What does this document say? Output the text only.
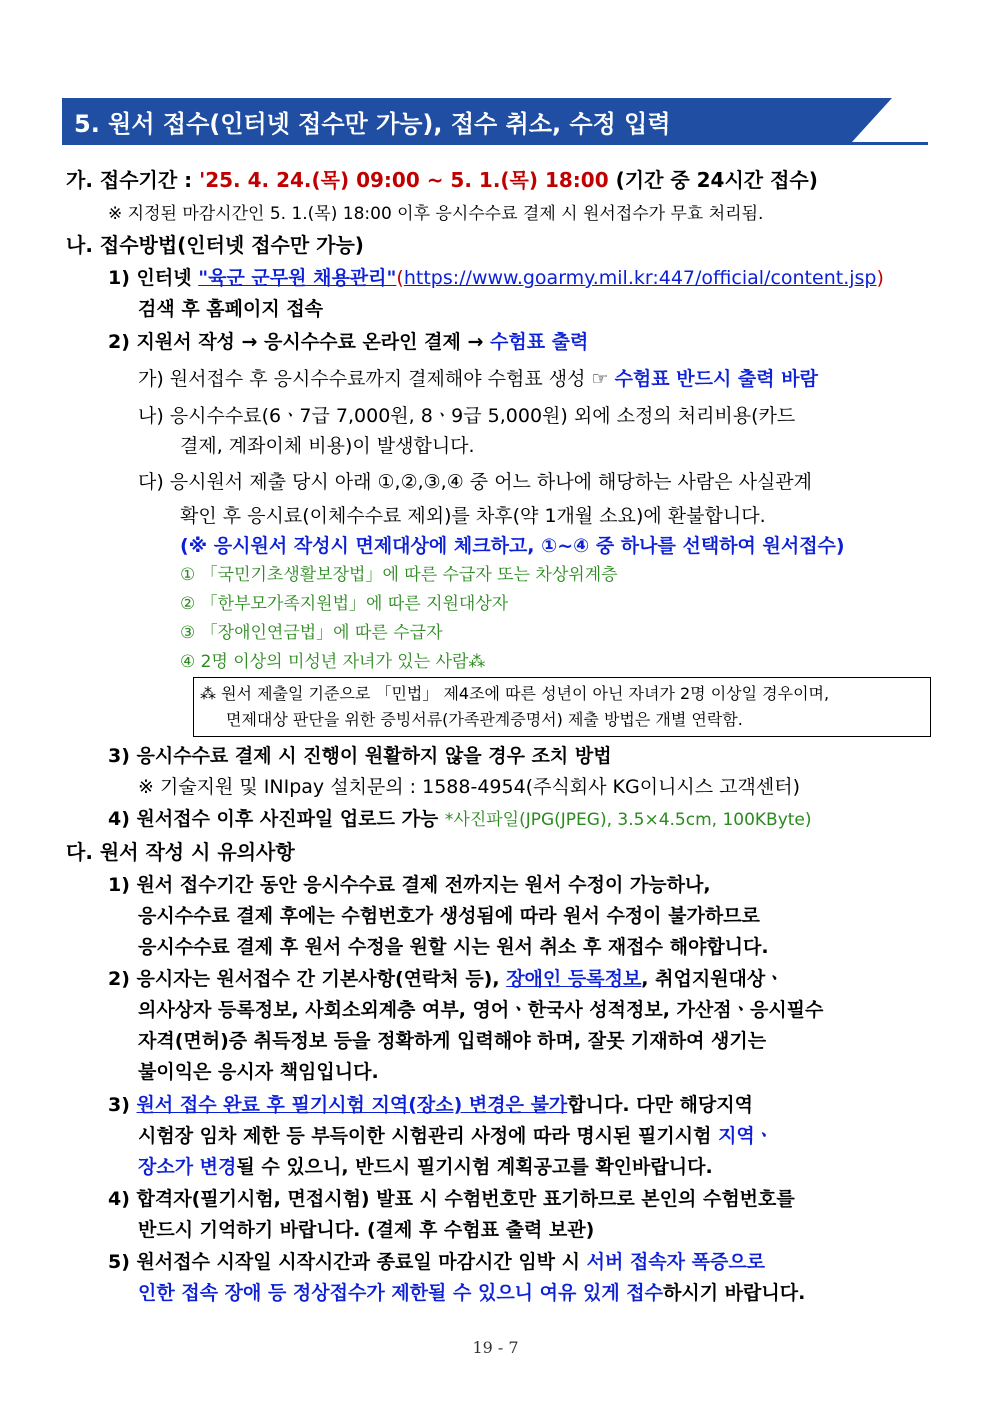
5. 원서 접수(인터넷 접수만 가능), 접수 취소, 수정 입력
가. 접수기간 : '25. 4. 24.(목) 09:00 ~ 5. 1.(목) 18:00 (기간 중 24시간 접수)
※ 지정된 마감시간인 5. 1.(목) 18:00 이후 응시수수료 결제 시 원서접수가 무효 처리됨.
나. 접수방법(인터넷 접수만 가능)
1) 인터넷 "육군 군무원 채용관리"(https://www.goarmy.mil.kr:447/official/content.jsp)
검색 후 홈페이지 접속
2) 지원서 작성 → 응시수수료 온라인 결제 → 수험표 출력
가) 원서접수 후 응시수수료까지 결제해야 수험표 생성 ☞ 수험표 반드시 출력 바람
나) 응시수수료(6ㆍ7급 7,000원, 8ㆍ9급 5,000원) 외에 소정의 처리비용(카드
결제, 계좌이체 비용)이 발생합니다.
다) 응시원서 제출 당시 아래 ①,②,③,④ 중 어느 하나에 해당하는 사람은 사실관계
확인 후 응시료(이체수수료 제외)를 차후(약 1개월 소요)에 환불합니다.
(※ 응시원서 작성시 면제대상에 체크하고, ①~④ 중 하나를 선택하여 원서접수)
① 「국민기초생활보장법」에 따른 수급자 또는 차상위계층
② 「한부모가족지원법」에 따른 지원대상자
③ 「장애인연금법」에 따른 수급자
④ 2명 이상의 미성년 자녀가 있는 사람⁂
⁂ 원서 제출일 기준으로 「민법」 제4조에 따른 성년이 아닌 자녀가 2명 이상일 경우이며,
면제대상 판단을 위한 증빙서류(가족관계증명서) 제출 방법은 개별 연락함.
3) 응시수수료 결제 시 진행이 원활하지 않을 경우 조치 방법
※ 기술지원 및 INIpay 설치문의 : 1588-4954(주식회사 KG이니시스 고객센터)
4) 원서접수 이후 사진파일 업로드 가능 *사진파일(JPG(JPEG), 3.5×4.5cm, 100KByte)
다. 원서 작성 시 유의사항
1) 원서 접수기간 동안 응시수수료 결제 전까지는 원서 수정이 가능하나,
응시수수료 결제 후에는 수험번호가 생성됨에 따라 원서 수정이 불가하므로
응시수수료 결제 후 원서 수정을 원할 시는 원서 취소 후 재접수 해야합니다.
2) 응시자는 원서접수 간 기본사항(연락처 등), 장애인 등록정보, 취업지원대상ㆍ
의사상자 등록정보, 사회소외계층 여부, 영어ㆍ한국사 성적정보, 가산점ㆍ응시필수
자격(면허)증 취득정보 등을 정확하게 입력해야 하며, 잘못 기재하여 생기는
불이익은 응시자 책임입니다.
3) 원서 접수 완료 후 필기시험 지역(장소) 변경은 불가합니다. 다만 해당지역
시험장 임차 제한 등 부득이한 시험관리 사정에 따라 명시된 필기시험 지역ㆍ
장소가 변경될 수 있으니, 반드시 필기시험 계획공고를 확인바랍니다.
4) 합격자(필기시험, 면접시험) 발표 시 수험번호만 표기하므로 본인의 수험번호를
반드시 기억하기 바랍니다. (결제 후 수험표 출력 보관)
5) 원서접수 시작일 시작시간과 종료일 마감시간 임박 시 서버 접속자 폭증으로
인한 접속 장애 등 정상접수가 제한될 수 있으니 여유 있게 접수하시기 바랍니다.
19 - 7
